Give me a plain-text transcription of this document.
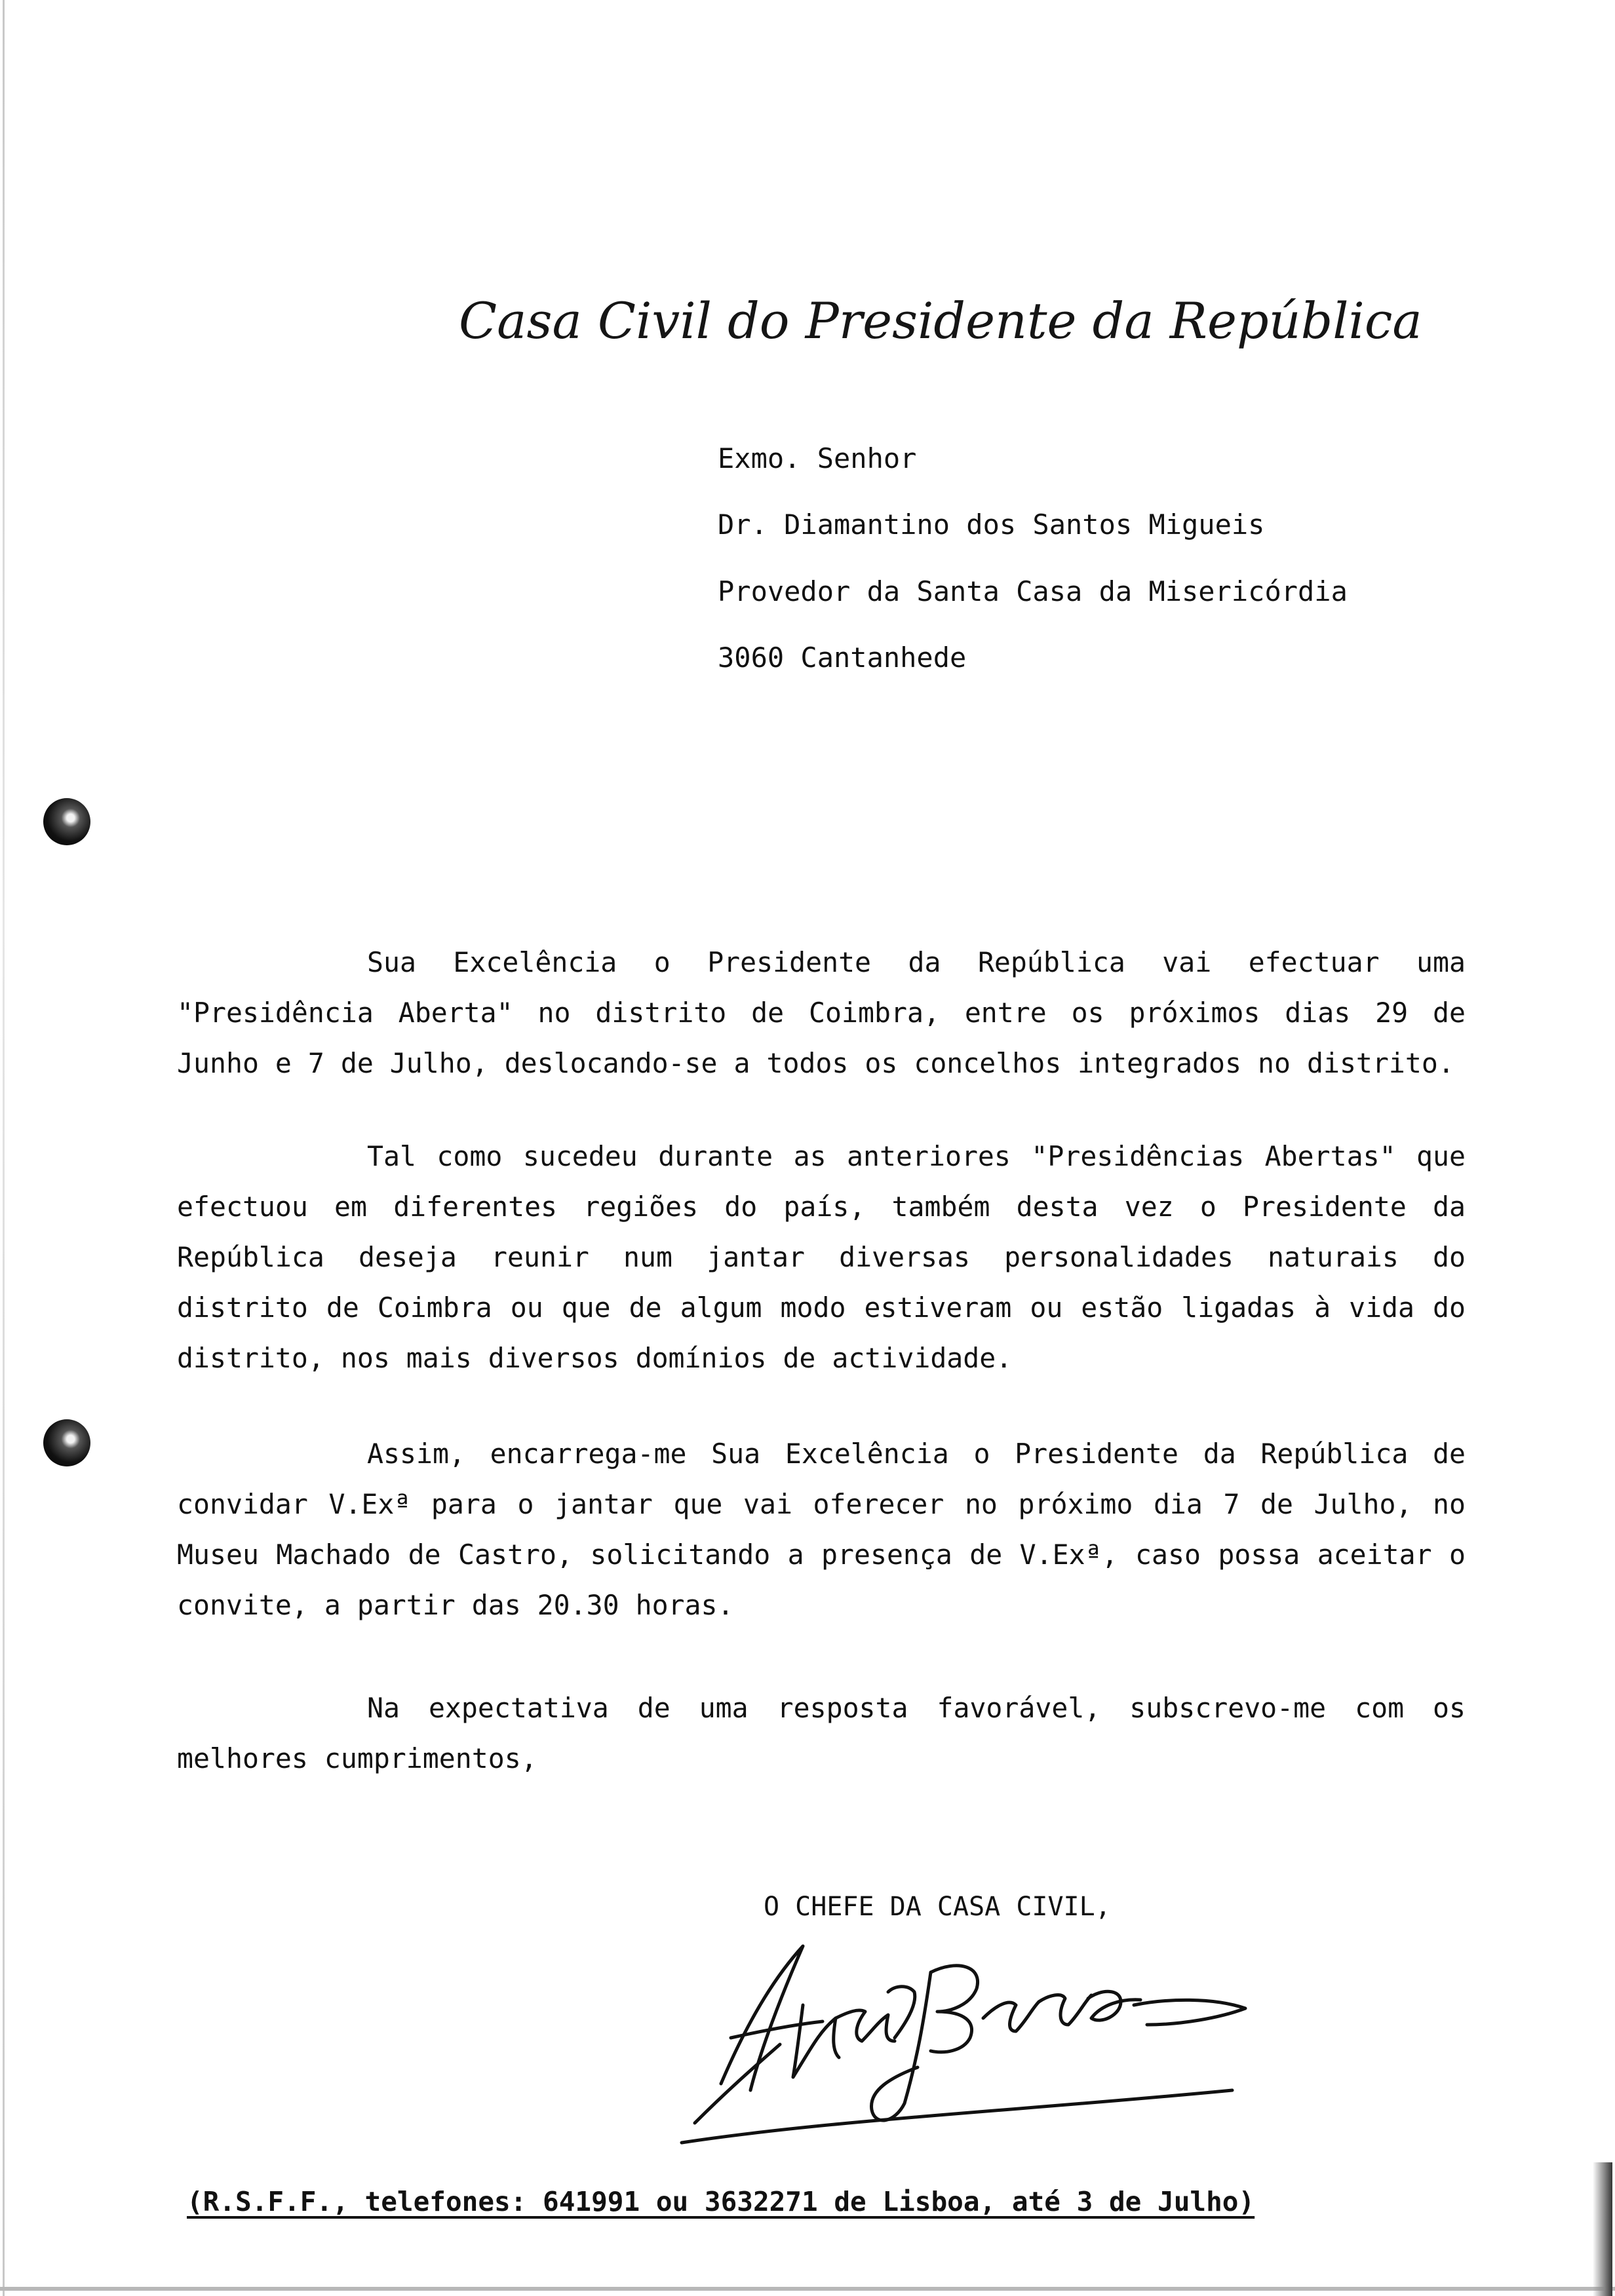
Casa Civil do Presidente da República
Exmo. Senhor
Dr. Diamantino dos Santos Migueis
Provedor da Santa Casa da Misericórdia
3060 Cantanhede

Sua Excelência o Presidente da República vai efectuar uma "Presidência Aberta" no distrito de Coimbra, entre os próximos dias 29 de Junho e 7 de Julho, deslocando-se a todos os concelhos integrados no distrito.

Tal como sucedeu durante as anteriores "Presidências Abertas" que efectuou em diferentes regiões do país, também desta vez o Presidente da República deseja reunir num jantar diversas personalidades naturais do distrito de Coimbra ou que de algum modo estiveram ou estão ligadas à vida do distrito, nos mais diversos domínios de actividade.

Assim, encarrega-me Sua Excelência o Presidente da República de convidar V.Exª para o jantar que vai oferecer no próximo dia 7 de Julho, no Museu Machado de Castro, solicitando a presença de V.Exª, caso possa aceitar o convite, a partir das 20.30 horas.

Na expectativa de uma resposta favorável, subscrevo-me com os melhores cumprimentos,

O CHEFE DA CASA CIVIL,
(R.S.F.F., telefones: 641991 ou 3632271 de Lisboa, até 3 de Julho)
